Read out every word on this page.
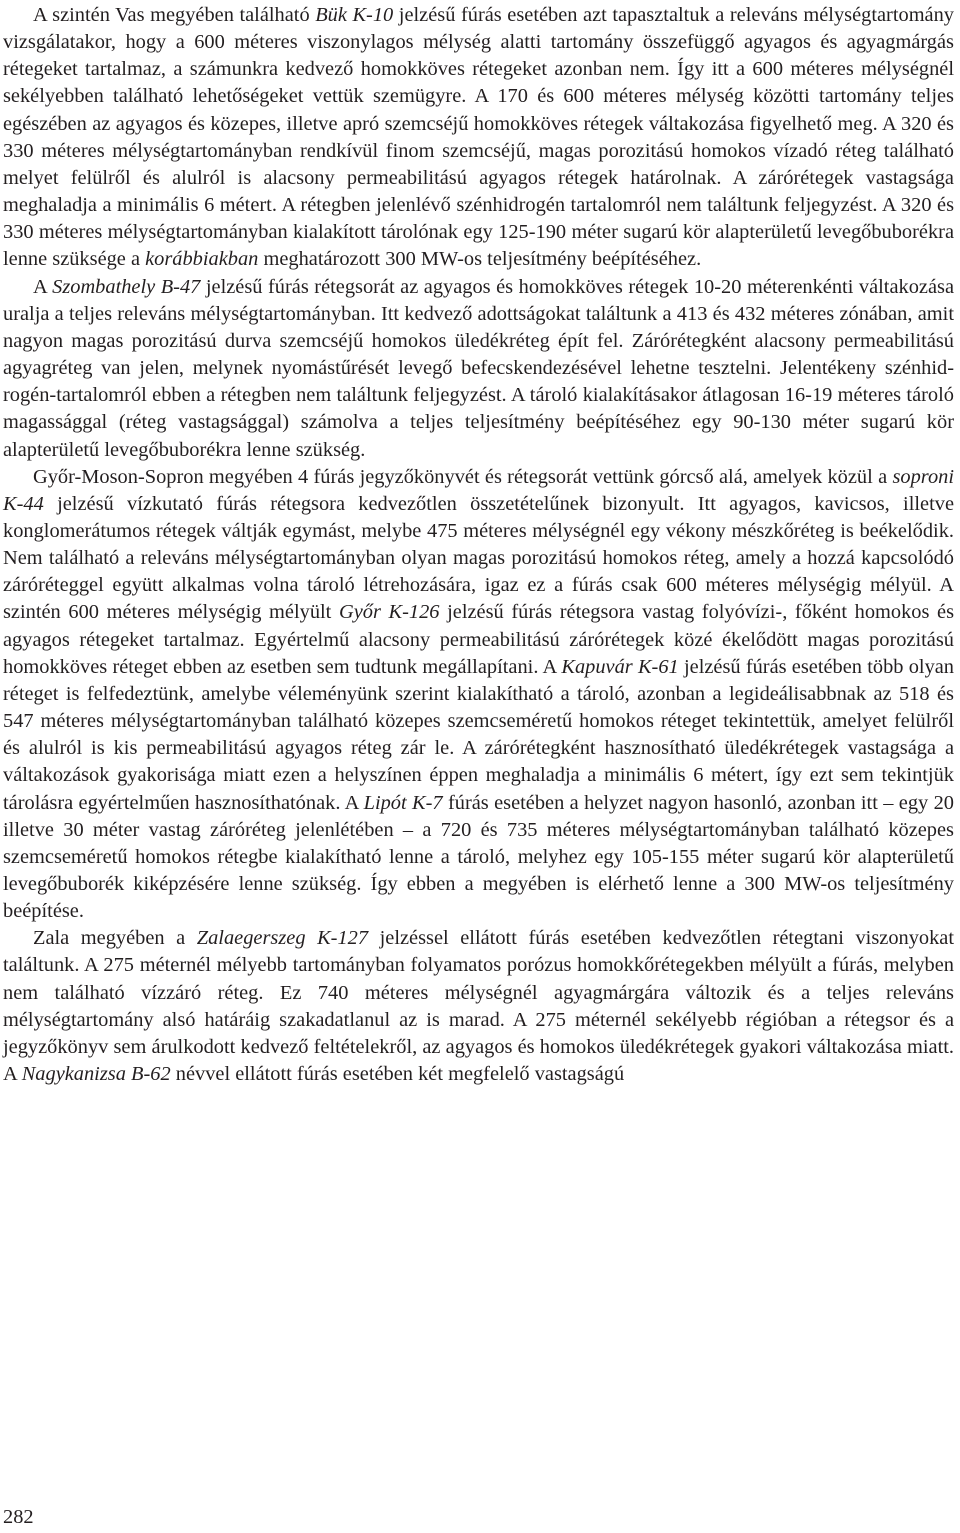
A szintén Vas megyében található Bük K-10 jelzésű fúrás esetében azt tapasztaltuk a releváns mélységtartomány vizsgálatakor, hogy a 600 méteres viszonylagos mélység alatti tartomány összefüggő agyagos és agyagmárgás rétegeket tartalmaz, a számunkra kedvező homokköves rétegeket azonban nem. Így itt a 600 méteres mélységnél sekélyebben található lehetőségeket vettük szemügyre. A 170 és 600 méteres mélység közötti tartomány teljes egészében az agyagos és közepes, illetve apró szemcséjű homokköves rétegek váltakozása figyelhető meg. A 320 és 330 méteres mélységtartományban rendkívül finom szemcséjű, magas porozitású homokos vízadó réteg található melyet felülről és alulról is alacsony permeabilitású agyagos rétegek határolnak. A zárórétegek vastagsága meghaladja a minimális 6 métert. A rétegben jelenlévő szénhidrogén tartalomról nem találtunk feljegyzést. A 320 és 330 méteres mélységtartományban kialakított tárolónak egy 125-190 méter sugarú kör alapterületű levegőbuborékra lenne szüksége a korábbiakban meghatározott 300 MW-os teljesítmény beépítéséhez.

A Szombathely B-47 jelzésű fúrás rétegsorát az agyagos és homokköves rétegek 10-20 méterenkénti váltakozása uralja a teljes releváns mélységtartományban. Itt kedvező adottságokat találtunk a 413 és 432 méteres zónában, amit nagyon magas porozitású durva szemcséjű homokos üledékréteg épít fel. Zárórétegként alacsony permeabilitású agyagréteg van jelen, melynek nyomástűrését levegő befecskendezésével lehetne tesztelni. Jelentékeny szénhidrogén-tartalomról ebben a rétegben nem találtunk feljegyzést. A tároló kialakításakor átlagosan 16-19 méteres tároló magassággal (réteg vastagsággal) számolva a teljes teljesítmény beépítéséhez egy 90-130 méter sugarú kör alapterületű levegőbuborékra lenne szükség.

Győr-Moson-Sopron megyében 4 fúrás jegyzőkönyvét és rétegsorát vettünk górcső alá, amelyek közül a soproni K-44 jelzésű vízkutató fúrás rétegsora kedvezőtlen összetételűnek bizonyult. Itt agyagos, kavicsos, illetve konglomerátumos rétegek váltják egymást, melybe 475 méteres mélységnél egy vékony mészkőréteg is beékelődik. Nem található a releváns mélységtartományban olyan magas porozitású homokos réteg, amely a hozzá kapcsolódó záróréteggel együtt alkalmas volna tároló létrehozására, igaz ez a fúrás csak 600 méteres mélységig mélyül. A szintén 600 méteres mélységig mélyült Győr K-126 jelzésű fúrás rétegsora vastag folyóvízi-, főként homokos és agyagos rétegeket tartalmaz. Egyértelmű alacsony permeabilitású zárórétegek közé ékelődött magas porozitású homokköves réteget ebben az esetben sem tudtunk megállapítani. A Kapuvár K-61 jelzésű fúrás esetében több olyan réteget is felfedeztünk, amelybe véleményünk szerint kialakítható a tároló, azonban a legideálisabbnak az 518 és 547 méteres mélységtartományban található közepes szemcseméretű homokos réteget tekintettük, amelyet felülről és alulról is kis permeabilitású agyagos réteg zár le. A zárórétegként hasznosítható üledékrétegek vastagsága a váltakozások gyakorisága miatt ezen a helyszínen éppen meghaladja a minimális 6 métert, így ezt sem tekintjük tárolásra egyértelműen hasznosíthatónak. A Lipót K-7 fúrás esetében a helyzet nagyon hasonló, azonban itt – egy 20 illetve 30 méter vastag záróréteg jelenlétében – a 720 és 735 méteres mélységtartományban található közepes szemcseméretű homokos rétegbe kialakítható lenne a tároló, melyhez egy 105-155 méter sugarú kör alapterületű levegőbuborék kiképzésére lenne szükség. Így ebben a megyében is elérhető lenne a 300 MW-os teljesítmény beépítése.

Zala megyében a Zalaegerszeg K-127 jelzéssel ellátott fúrás esetében kedvezőtlen rétegtani viszonyokat találtunk. A 275 méternél mélyebb tartományban folyamatos porózus homokkőrétegekben mélyült a fúrás, melyben nem található vízzáró réteg. Ez 740 méteres mélységnél agyagmárgára változik és a teljes releváns mélységtartomány alsó határáig szakadatlanul az is marad. A 275 méternél sekélyebb régióban a rétegsor és a jegyzőkönyv sem árulkodott kedvező feltételekről, az agyagos és homokos üledékrétegek gyakori váltakozása miatt. A Nagykanizsa B-62 névvel ellátott fúrás esetében két megfelelő vastagságú

282
